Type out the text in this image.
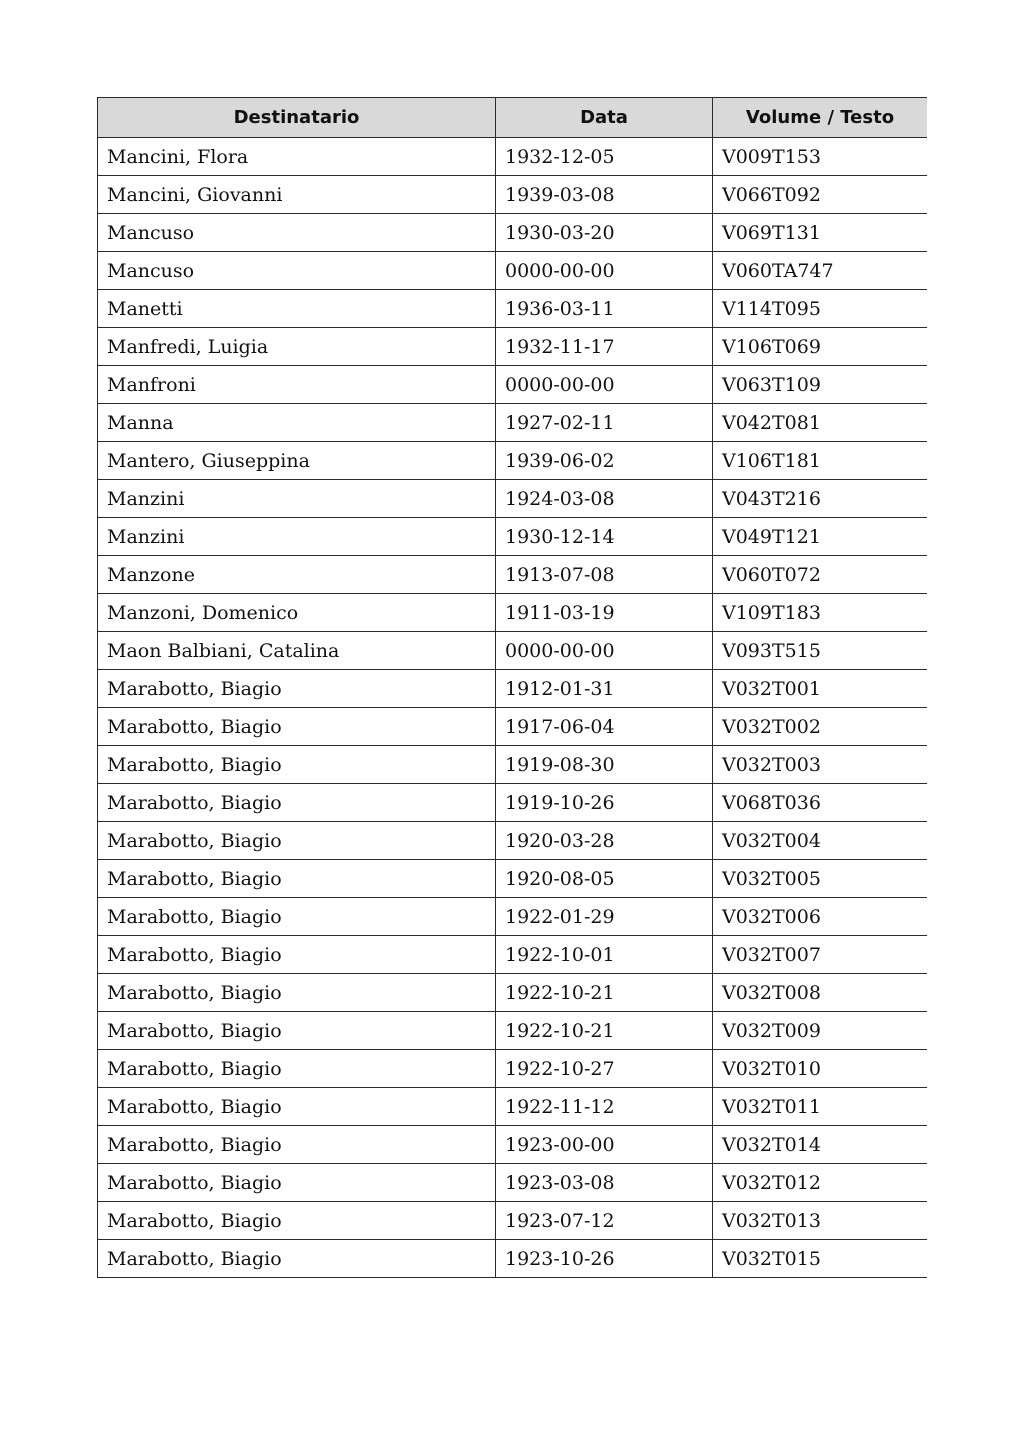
Destinatario	Data	Volume / Testo
Mancini, Flora	1932-12-05	V009T153
Mancini, Giovanni	1939-03-08	V066T092
Mancuso	1930-03-20	V069T131
Mancuso	0000-00-00	V060TA747
Manetti	1936-03-11	V114T095
Manfredi, Luigia	1932-11-17	V106T069
Manfroni	0000-00-00	V063T109
Manna	1927-02-11	V042T081
Mantero, Giuseppina	1939-06-02	V106T181
Manzini	1924-03-08	V043T216
Manzini	1930-12-14	V049T121
Manzone	1913-07-08	V060T072
Manzoni, Domenico	1911-03-19	V109T183
Maon Balbiani, Catalina	0000-00-00	V093T515
Marabotto, Biagio	1912-01-31	V032T001
Marabotto, Biagio	1917-06-04	V032T002
Marabotto, Biagio	1919-08-30	V032T003
Marabotto, Biagio	1919-10-26	V068T036
Marabotto, Biagio	1920-03-28	V032T004
Marabotto, Biagio	1920-08-05	V032T005
Marabotto, Biagio	1922-01-29	V032T006
Marabotto, Biagio	1922-10-01	V032T007
Marabotto, Biagio	1922-10-21	V032T008
Marabotto, Biagio	1922-10-21	V032T009
Marabotto, Biagio	1922-10-27	V032T010
Marabotto, Biagio	1922-11-12	V032T011
Marabotto, Biagio	1923-00-00	V032T014
Marabotto, Biagio	1923-03-08	V032T012
Marabotto, Biagio	1923-07-12	V032T013
Marabotto, Biagio	1923-10-26	V032T015
